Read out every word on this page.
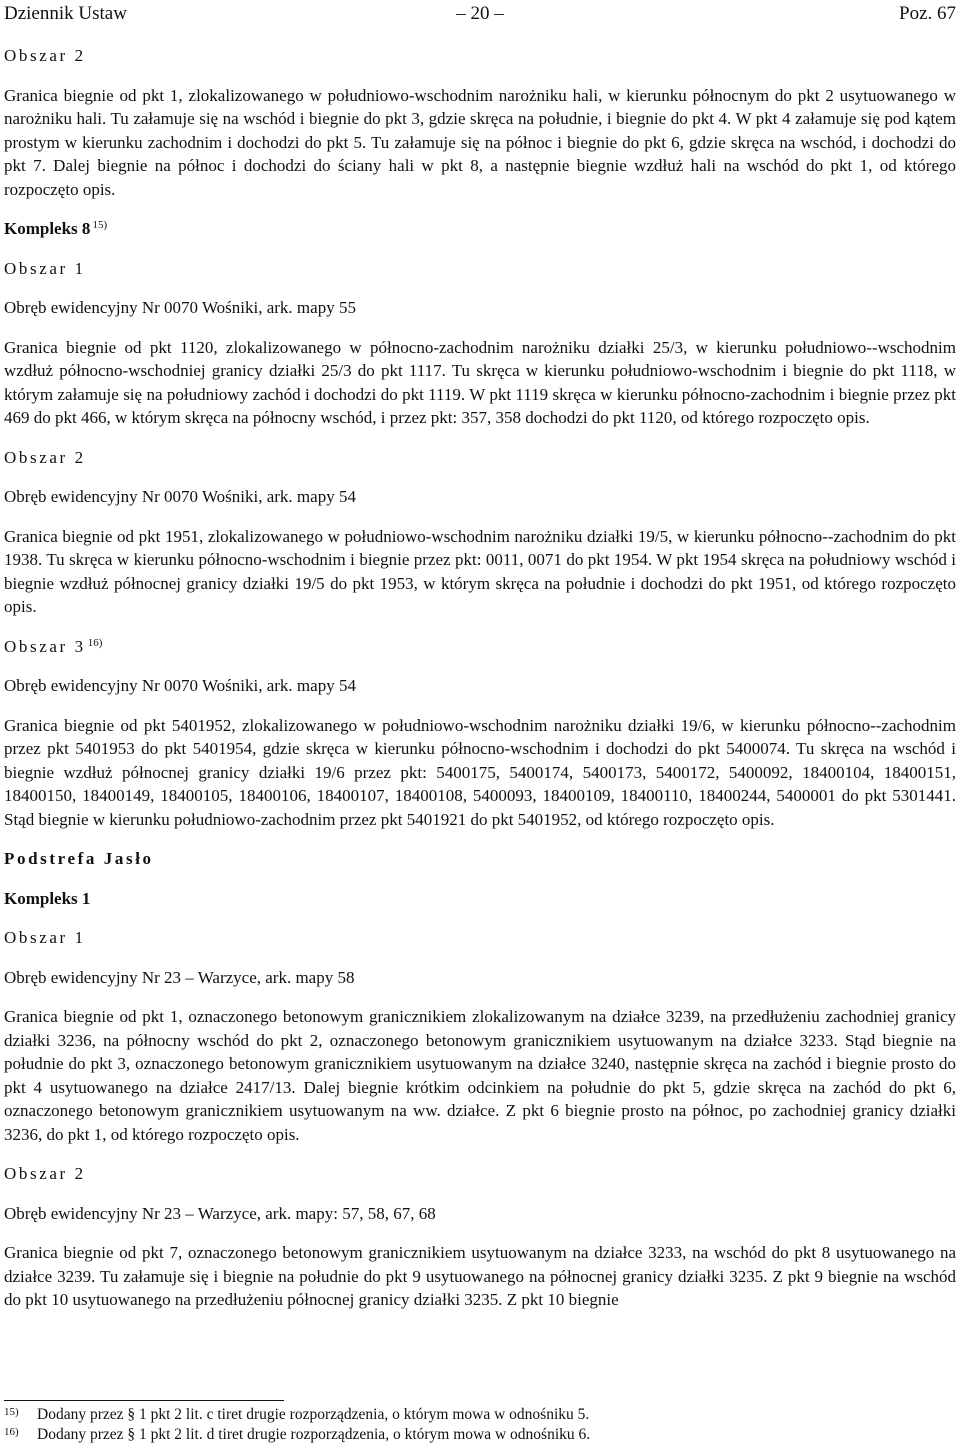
Dziennik Ustaw	– 20 –	Poz. 67

Obszar 2

Granica biegnie od pkt 1, zlokalizowanego w południowo-wschodnim narożniku hali, w kierunku północnym do pkt 2 usytuowanego w narożniku hali. Tu załamuje się na wschód i biegnie do pkt 3, gdzie skręca na południe, i biegnie do pkt 4. W pkt 4 załamuje się pod kątem prostym w kierunku zachodnim i dochodzi do pkt 5. Tu załamuje się na północ i biegnie do pkt 6, gdzie skręca na wschód, i dochodzi do pkt 7. Dalej biegnie na północ i dochodzi do ściany hali w pkt 8, a następnie biegnie wzdłuż hali na wschód do pkt 1, od którego rozpoczęto opis.

Kompleks 8 $^{15)}$

Obszar 1

Obręb ewidencyjny Nr 0070 Wośniki, ark. mapy 55

Granica biegnie od pkt 1120, zlokalizowanego w północno-zachodnim narożniku działki 25/3, w kierunku południowo-‑wschodnim wzdłuż północno-wschodniej granicy działki 25/3 do pkt 1117. Tu skręca w kierunku południowo-wschodnim i biegnie do pkt 1118, w którym załamuje się na południowy zachód i dochodzi do pkt 1119. W pkt 1119 skręca w kierunku północno-zachodnim i biegnie przez pkt 469 do pkt 466, w którym skręca na północny wschód, i przez pkt: 357, 358 dochodzi do pkt 1120, od którego rozpoczęto opis.

Obszar 2

Obręb ewidencyjny Nr 0070 Wośniki, ark. mapy 54

Granica biegnie od pkt 1951, zlokalizowanego w południowo-wschodnim narożniku działki 19/5, w kierunku północno-‑zachodnim do pkt 1938. Tu skręca w kierunku północno-wschodnim i biegnie przez pkt: 0011, 0071 do pkt 1954. W pkt 1954 skręca na południowy wschód i biegnie wzdłuż północnej granicy działki 19/5 do pkt 1953, w którym skręca na południe i dochodzi do pkt 1951, od którego rozpoczęto opis.

Obszar 3 $^{16)}$

Obręb ewidencyjny Nr 0070 Wośniki, ark. mapy 54

Granica biegnie od pkt 5401952, zlokalizowanego w południowo-wschodnim narożniku działki 19/6, w kierunku północno-‑zachodnim przez pkt 5401953 do pkt 5401954, gdzie skręca w kierunku północno-wschodnim i dochodzi do pkt 5400074. Tu skręca na wschód i biegnie wzdłuż północnej granicy działki 19/6 przez pkt: 5400175, 5400174, 5400173, 5400172, 5400092, 18400104, 18400151, 18400150, 18400149, 18400105, 18400106, 18400107, 18400108, 5400093, 18400109, 18400110, 18400244, 5400001 do pkt 5301441. Stąd biegnie w kierunku południowo-zachodnim przez pkt 5401921 do pkt 5401952, od którego rozpoczęto opis.

Podstrefa Jasło

Kompleks 1

Obszar 1

Obręb ewidencyjny Nr 23 – Warzyce, ark. mapy 58

Granica biegnie od pkt 1, oznaczonego betonowym granicznikiem zlokalizowanym na działce 3239, na przedłużeniu zachodniej granicy działki 3236, na północny wschód do pkt 2, oznaczonego betonowym granicznikiem usytuowanym na działce 3233. Stąd biegnie na południe do pkt 3, oznaczonego betonowym granicznikiem usytuowanym na działce 3240, następnie skręca na zachód i biegnie prosto do pkt 4 usytuowanego na działce 2417/13. Dalej biegnie krótkim odcinkiem na południe do pkt 5, gdzie skręca na zachód do pkt 6, oznaczonego betonowym granicznikiem usytuowanym na ww. działce. Z pkt 6 biegnie prosto na północ, po zachodniej granicy działki 3236, do pkt 1, od którego rozpoczęto opis.

Obszar 2

Obręb ewidencyjny Nr 23 – Warzyce, ark. mapy: 57, 58, 67, 68

Granica biegnie od pkt 7, oznaczonego betonowym granicznikiem usytuowanym na działce 3233, na wschód do pkt 8 usytuowanego na działce 3239. Tu załamuje się i biegnie na południe do pkt 9 usytuowanego na północnej granicy działki 3235. Z pkt 9 biegnie na wschód do pkt 10 usytuowanego na przedłużeniu północnej granicy działki 3235. Z pkt 10 biegnie

15) Dodany przez § 1 pkt 2 lit. c tiret drugie rozporządzenia, o którym mowa w odnośniku 5.
16) Dodany przez § 1 pkt 2 lit. d tiret drugie rozporządzenia, o którym mowa w odnośniku 6.
